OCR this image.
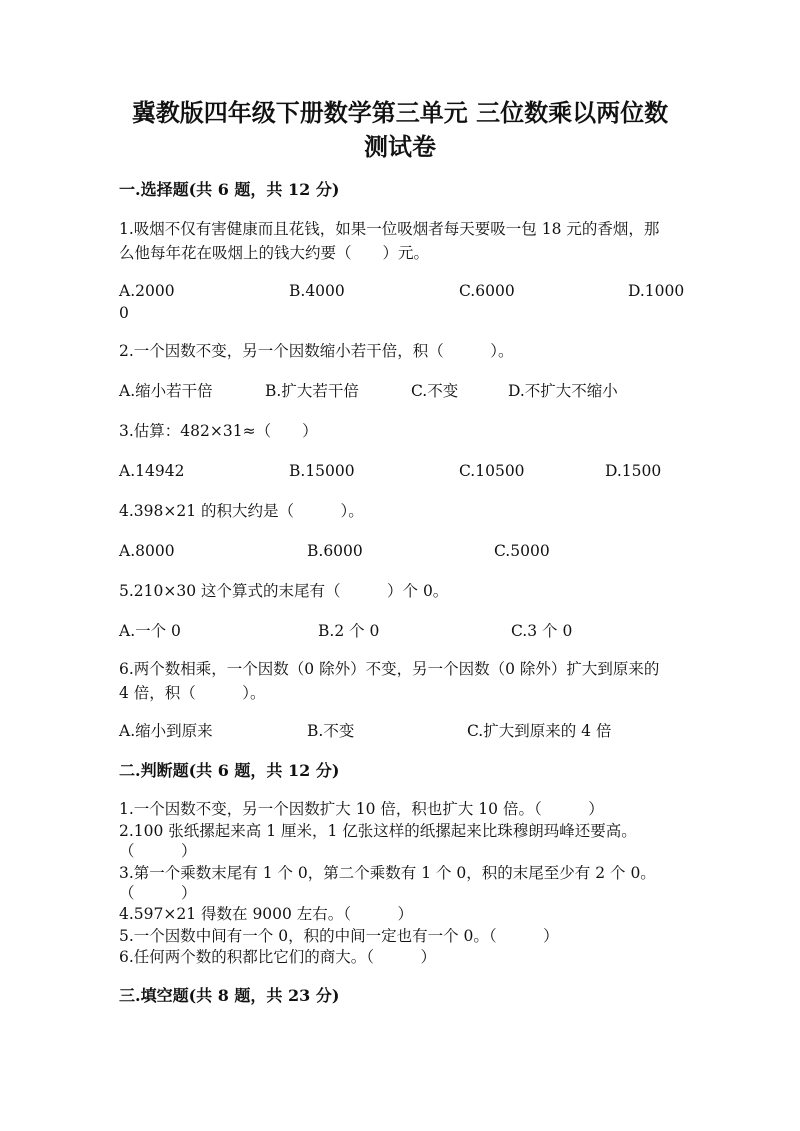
冀教版四年级下册数学第三单元 三位数乘以两位数
测试卷
一.选择题(共 6 题，共 12 分)
1.吸烟不仅有害健康而且花钱，如果一位吸烟者每天要吸一包 18 元的香烟，那
么他每年花在吸烟上的钱大约要（　　）元。
A.2000	B.4000	C.6000	D.1000
0
2.一个因数不变，另一个因数缩小若干倍，积（　　　）。
A.缩小若干倍	B.扩大若干倍	C.不变	D.不扩大不缩小
3.估算：482×31≈（　　）
A.14942	B.15000	C.10500	D.1500
4.398×21 的积大约是（　　　）。
A.8000	B.6000	C.5000
5.210×30 这个算式的末尾有（　　　）个 0。
A.一个 0	B.2 个 0	C.3 个 0
6.两个数相乘，一个因数（0 除外）不变，另一个因数（0 除外）扩大到原来的
4 倍，积（　　　）。
A.缩小到原来	B.不变	C.扩大到原来的 4 倍
二.判断题(共 6 题，共 12 分)
1.一个因数不变，另一个因数扩大 10 倍，积也扩大 10 倍。（　　　）
2.100 张纸摞起来高 1 厘米，1 亿张这样的纸摞起来比珠穆朗玛峰还要高。
（　　　）
3.第一个乘数末尾有 1 个 0，第二个乘数有 1 个 0，积的末尾至少有 2 个 0。
（　　　）
4.597×21 得数在 9000 左右。（　　　）
5.一个因数中间有一个 0，积的中间一定也有一个 0。（　　　）
6.任何两个数的积都比它们的商大。（　　　）
三.填空题(共 8 题，共 23 分)
